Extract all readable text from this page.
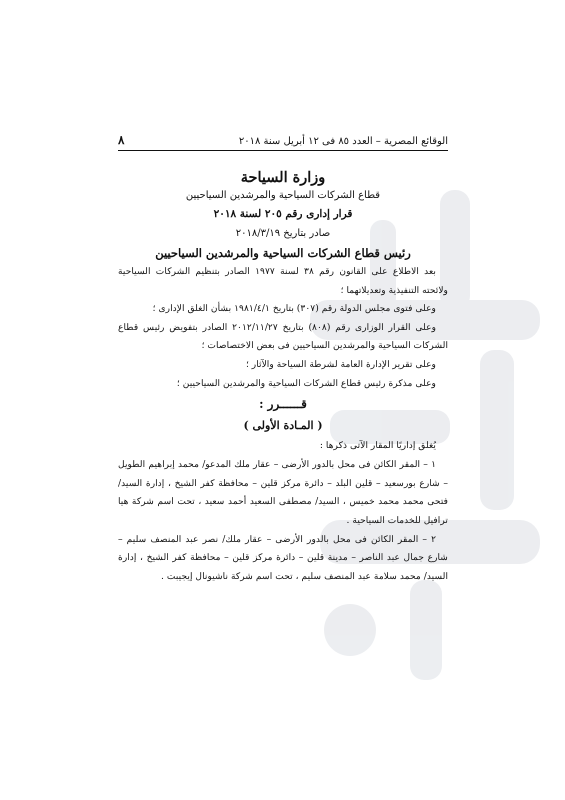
الوقائع المصرية – العدد ٨٥ فى ١٢ أبريل سنة ٢٠١٨
٨
وزارة السياحة
قطاع الشركات السياحية والمرشدين السياحيين
قرار إدارى رقم ٢٠٥ لسنة ٢٠١٨
صادر بتاريخ ٢٠١٨/٣/١٩
رئيس قطاع الشركات السياحية والمرشدين السياحيين
بعد الاطلاع على القانون رقم ٣٨ لسنة ١٩٧٧ الصادر بتنظيم الشركات السياحية ولائحته التنفيذية وتعديلاتهما ؛
وعلى فتوى مجلس الدولة رقم (٣٠٧) بتاريخ ١٩٨١/٤/١ بشأن الغلق الإدارى ؛
وعلى القرار الوزارى رقم (٨٠٨) بتاريخ ٢٠١٢/١١/٢٧ الصادر بتفويض رئيس قطاع الشركات السياحية والمرشدين السياحيين فى بعض الاختصاصات ؛
وعلى تقرير الإدارة العامة لشرطة السياحة والآثار ؛
وعلى مذكرة رئيس قطاع الشركات السياحية والمرشدين السياحيين ؛
قــــــرر :
( المـادة الأولى )
يُغلق إداريًا المقار الآتى ذكرها :
١ – المقر الكائن فى محل بالدور الأرضى – عقار ملك المدعو/ محمد إبراهيم الطويل – شارع بورسعيد – قلين البلد – دائرة مركز قلين – محافظة كفر الشيخ ، إدارة السيد/ فتحى محمد محمد خميس ، السيد/ مصطفى السعيد أحمد سعيد ، تحت اسم شركة هيا ترافيل للخدمات السياحية .
٢ – المقر الكائن فى محل بالدور الأرضى – عقار ملك/ نصر عبد المنصف سليم – شارع جمال عبد الناصر – مدينة قلين – دائرة مركز قلين – محافظة كفر الشيخ ، إدارة السيد/ محمد سلامة عبد المنصف سليم ، تحت اسم شركة ناشيونال إيجيبت .
